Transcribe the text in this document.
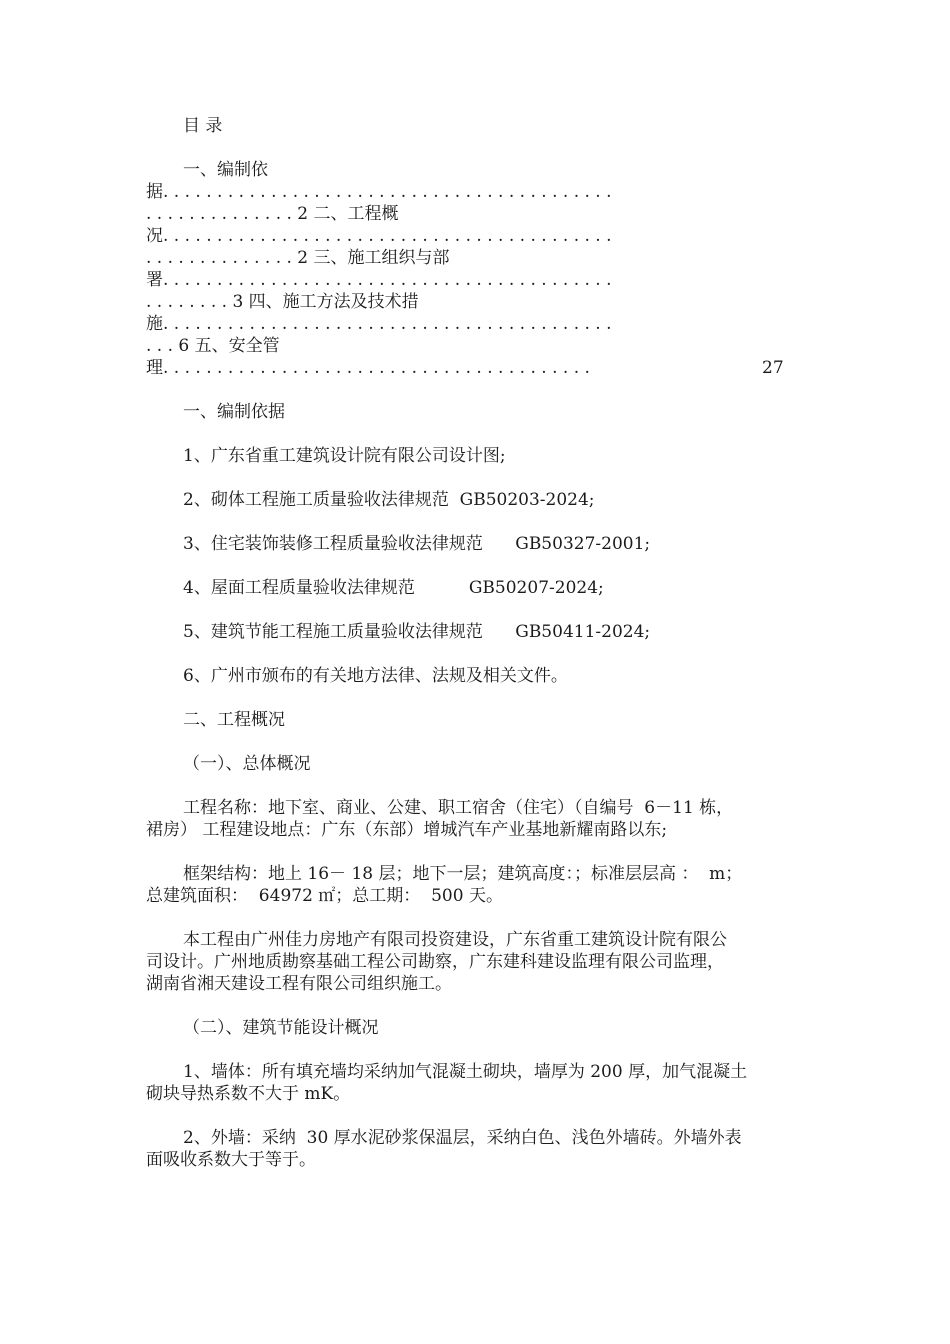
目 录
一、编制依
据. . . . . . . . . . . . . . . . . . . . . . . . . . . . . . . . . . . . . . . . . .
. . . . . . . . . . . . . . 2 二、工程概
况. . . . . . . . . . . . . . . . . . . . . . . . . . . . . . . . . . . . . . . . . .
. . . . . . . . . . . . . . 2 三、施工组织与部
署. . . . . . . . . . . . . . . . . . . . . . . . . . . . . . . . . . . . . . . . . .
. . . . . . . . 3 四、施工方法及技术措
施. . . . . . . . . . . . . . . . . . . . . . . . . . . . . . . . . . . . . . . . . .
. . . 6 五、安全管
理. . . . . . . . . . . . . . . . . . . . . . . . . . . . . . . . . . . . . . . .	27
一、编制依据
1、广东省重工建筑设计院有限公司设计图;
2、砌体工程施工质量验收法律规范  GB50203-2024;
3、住宅装饰装修工程质量验收法律规范      GB50327-2001;
4、屋面工程质量验收法律规范          GB50207-2024;
5、建筑节能工程施工质量验收法律规范      GB50411-2024;
6、广州市颁布的有关地方法律、法规及相关文件。
二、工程概况
（一）、总体概况
工程名称：地下室、商业、公建、职工宿舍（住宅）（自编号  6－11 栋，
裙房） 工程建设地点：广东（东部）增城汽车产业基地新耀南路以东;
框架结构：地上 16－ 18 层；地下一层；建筑高度：；标准层层高 ：  m；
总建筑面积：  64972 ㎡；总工期：  500 天。
本工程由广州佳力房地产有限司投资建设，广东省重工建筑设计院有限公
司设计。广州地质勘察基础工程公司勘察，广东建科建设监理有限公司监理，
湖南省湘天建设工程有限公司组织施工。
（二）、建筑节能设计概况
1、墙体：所有填充墙均采纳加气混凝土砌块，墙厚为 200 厚，加气混凝土
砌块导热系数不大于 mK。
2、外墙：采纳  30 厚水泥砂浆保温层，采纳白色、浅色外墙砖。外墙外表
面吸收系数大于等于。
